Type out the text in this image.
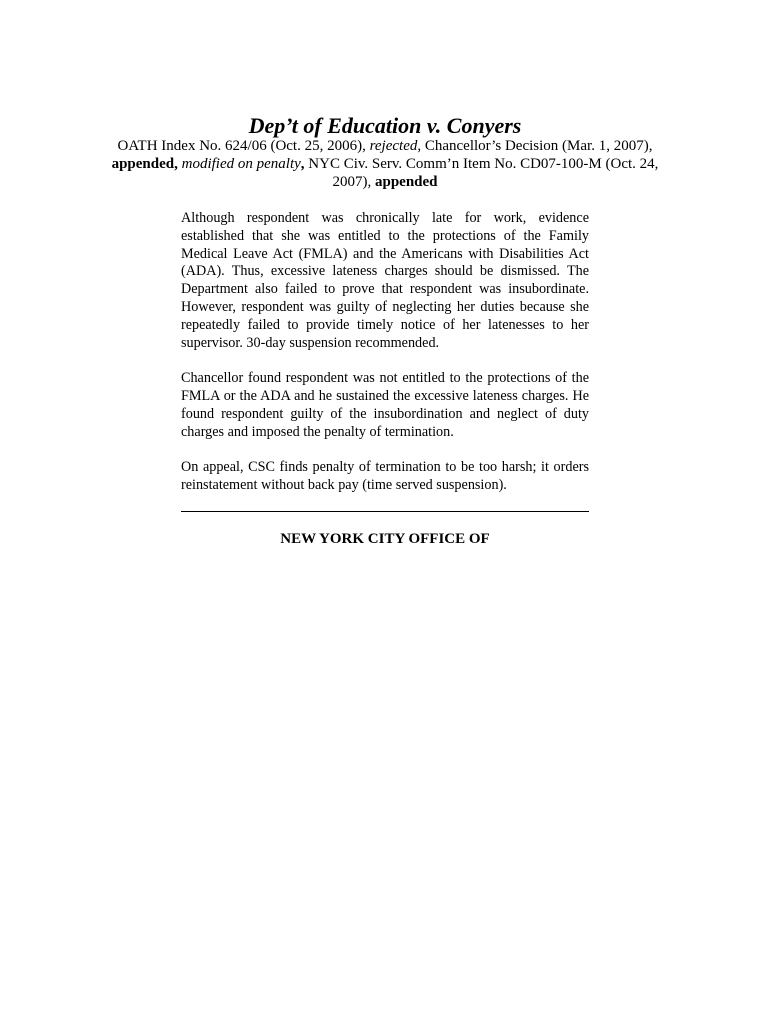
Dep’t of Education v. Conyers
OATH Index No. 624/06 (Oct. 25, 2006), rejected, Chancellor’s Decision (Mar. 1, 2007), appended, modified on penalty, NYC Civ. Serv. Comm’n Item No. CD07-100-M (Oct. 24, 2007), appended

Although respondent was chronically late for work, evidence established that she was entitled to the protections of the Family Medical Leave Act (FMLA) and the Americans with Disabilities Act (ADA). Thus, excessive lateness charges should be dismissed. The Department also failed to prove that respondent was insubordinate. However, respondent was guilty of neglecting her duties because she repeatedly failed to provide timely notice of her latenesses to her supervisor. 30-day suspension recommended.

Chancellor found respondent was not entitled to the protections of the FMLA or the ADA and he sustained the excessive lateness charges. He found respondent guilty of the insubordination and neglect of duty charges and imposed the penalty of termination.

On appeal, CSC finds penalty of termination to be too harsh; it orders reinstatement without back pay (time served suspension).

NEW YORK CITY OFFICE OF
